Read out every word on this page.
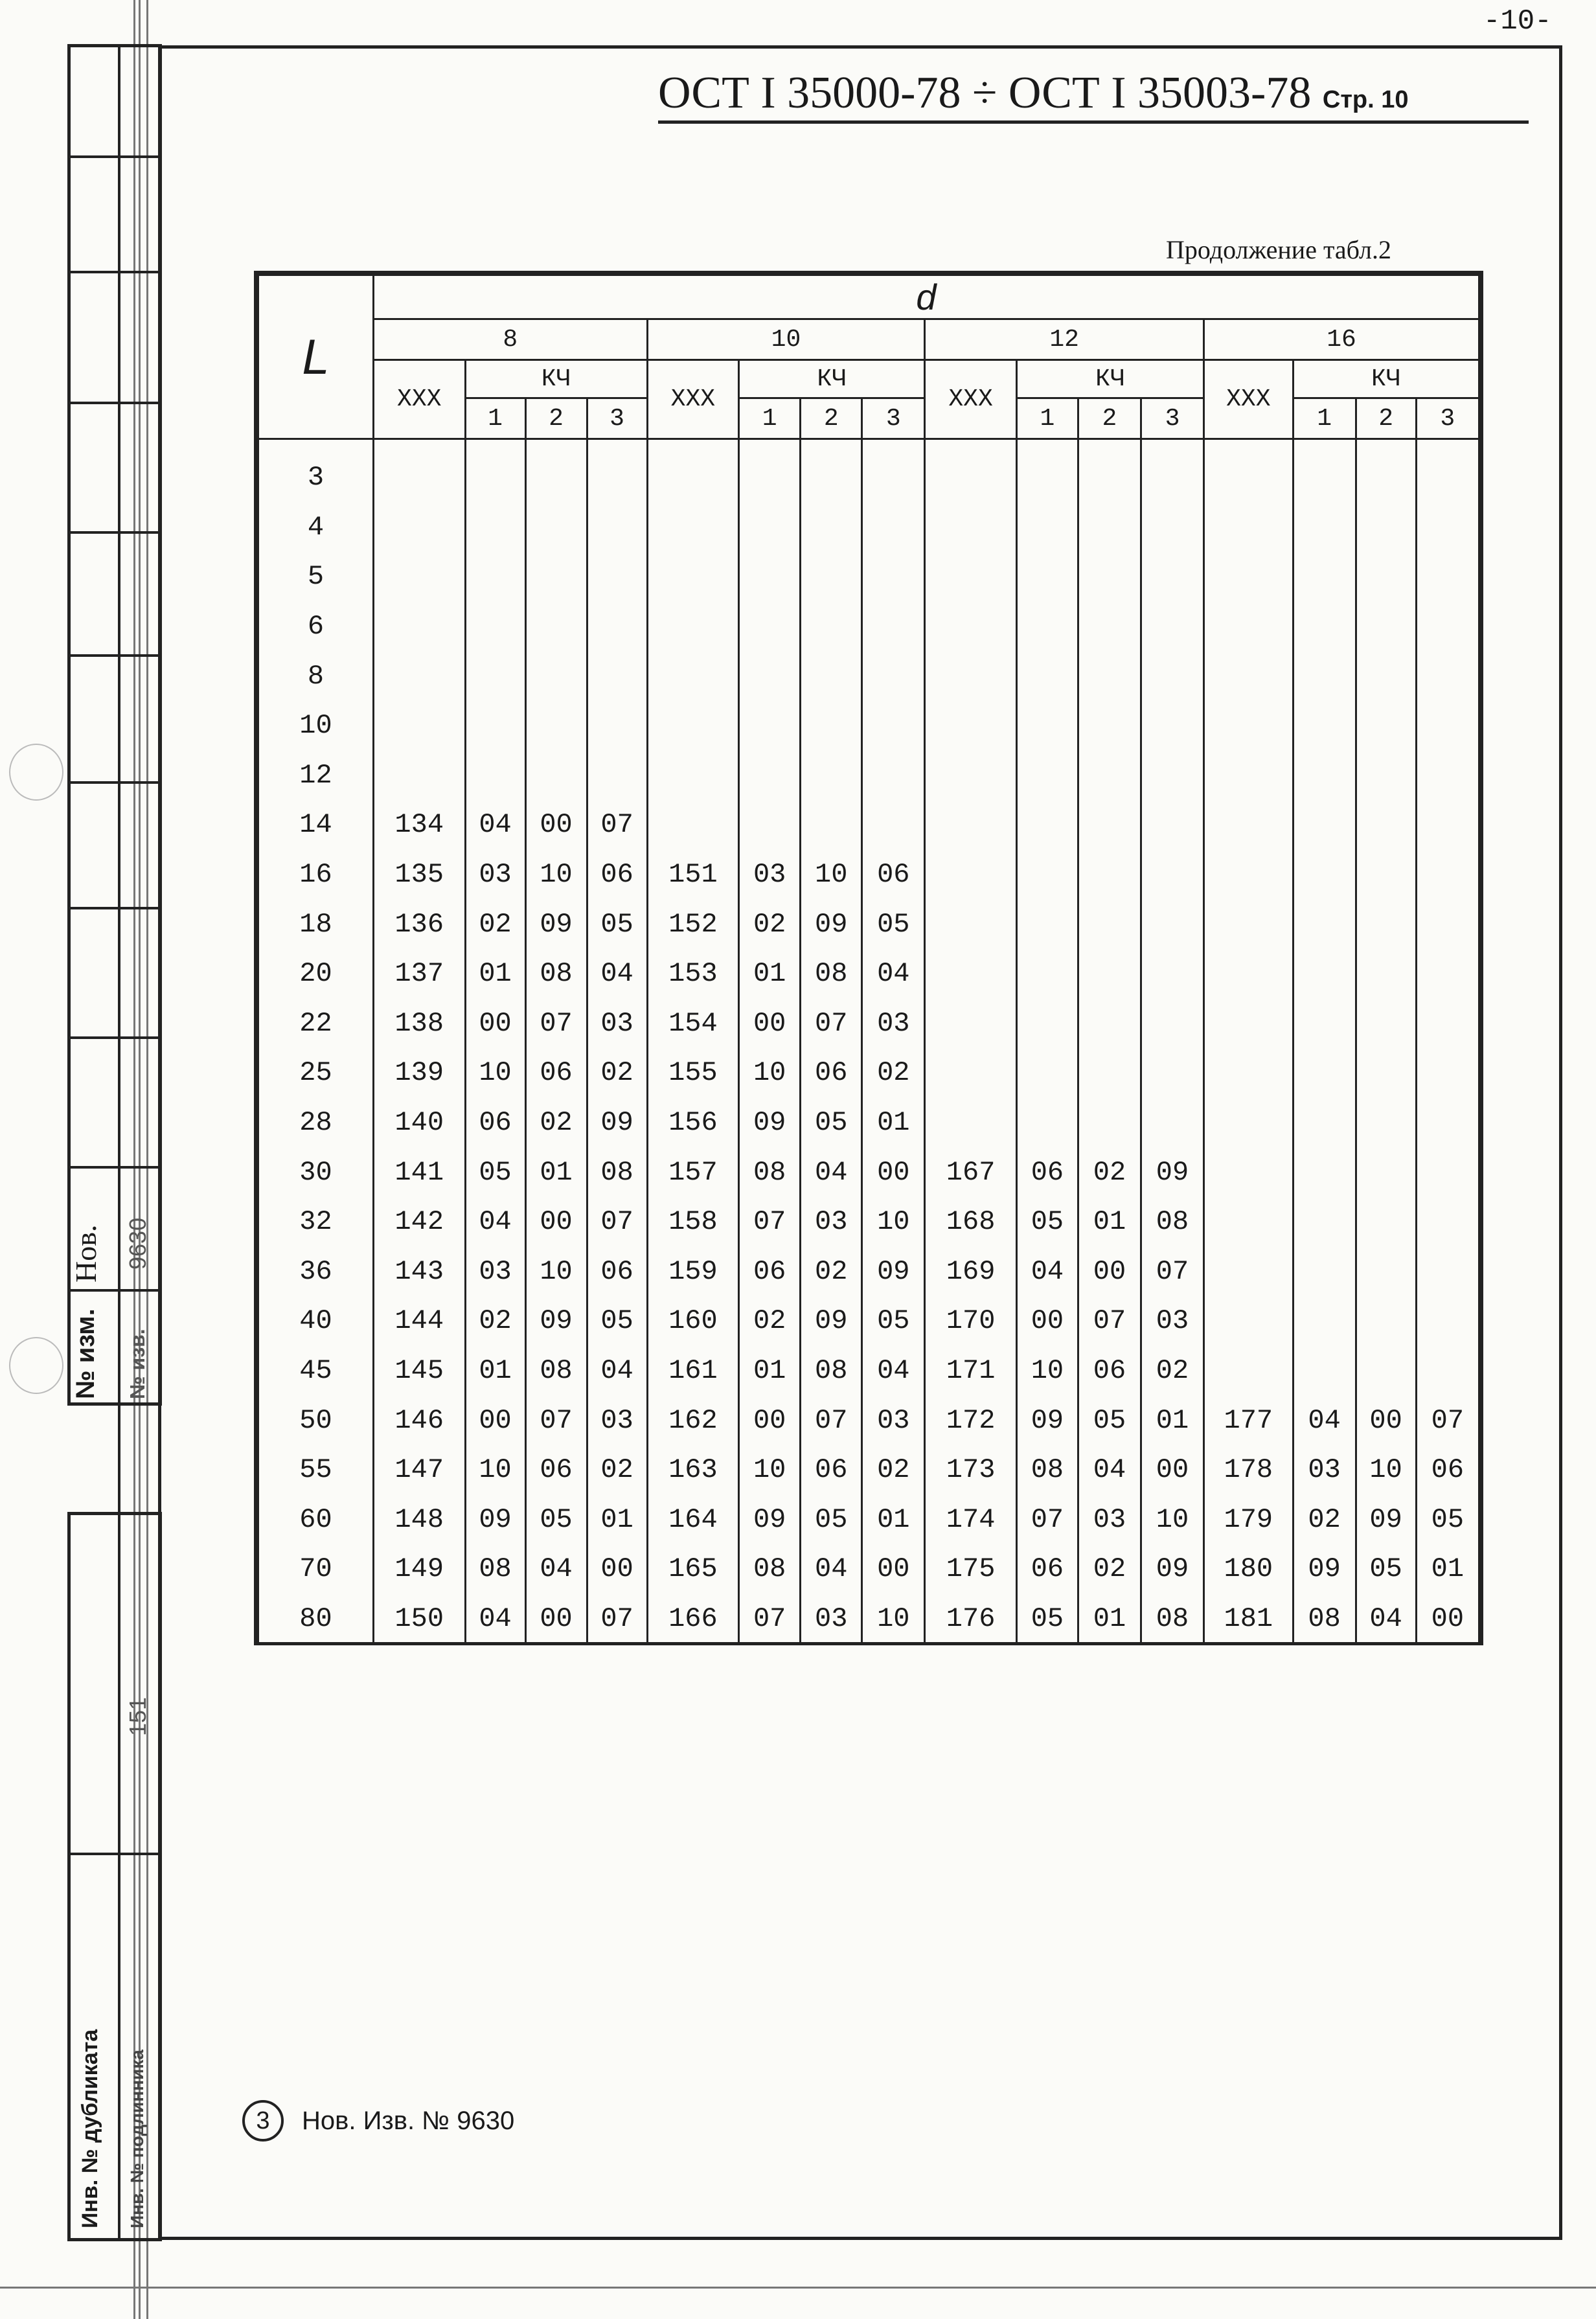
-10-
Нов.
№ изм.
9630
№ изв.
151
Инв. № дубликата Инв. № подлинника
ОСТ I 35000-78 ÷ ОСТ I 35003-78 Стр. 10
Продолжение табл.2
L	d															
	8				10				12				16			
	XXX	КЧ			XXX	КЧ			XXX	КЧ			XXX	КЧ		
		1	2	3		1	2	3		1	2	3		1	2	3
3																
4																
5																
6																
8																
10																
12																
14	134	04	00	07												
16	135	03	10	06	151	03	10	06								
18	136	02	09	05	152	02	09	05								
20	137	01	08	04	153	01	08	04								
22	138	00	07	03	154	00	07	03								
25	139	10	06	02	155	10	06	02								
28	140	06	02	09	156	09	05	01								
30	141	05	01	08	157	08	04	00	167	06	02	09				
32	142	04	00	07	158	07	03	10	168	05	01	08				
36	143	03	10	06	159	06	02	09	169	04	00	07				
40	144	02	09	05	160	02	09	05	170	00	07	03				
45	145	01	08	04	161	01	08	04	171	10	06	02				
50	146	00	07	03	162	00	07	03	172	09	05	01	177	04	00	07
55	147	10	06	02	163	10	06	02	173	08	04	00	178	03	10	06
60	148	09	05	01	164	09	05	01	174	07	03	10	179	02	09	05
70	149	08	04	00	165	08	04	00	175	06	02	09	180	09	05	01
80	150	04	00	07	166	07	03	10	176	05	01	08	181	08	04	00
3	Нов. Изв. № 9630
